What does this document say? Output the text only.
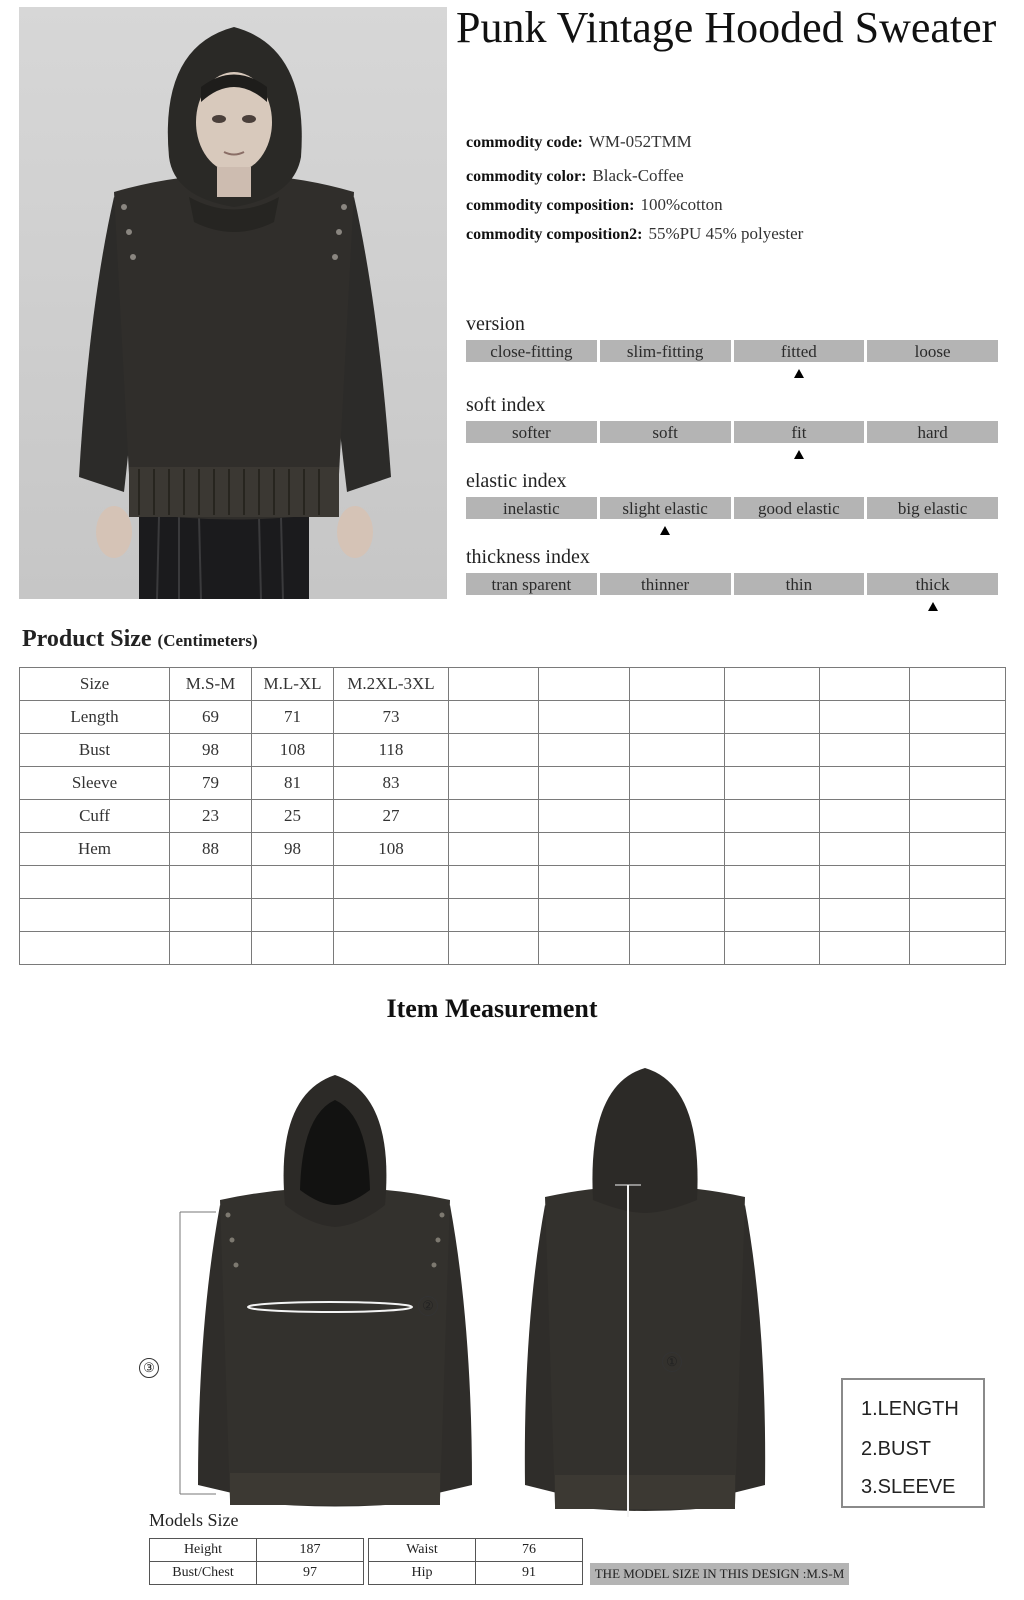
Punk Vintage Hooded Sweater
commodity code: WM-052TMM
commodity color: Black-Coffee
commodity composition: 100%cotton
commodity composition2: 55%PU 45% polyester
version
close-fitting	slim-fitting	fitted	loose
soft index
softer	soft	fit	hard
elastic index
inelastic	slight elastic	good elastic	big elastic
thickness index
tran sparent	thinner	thin	thick
Product Size (Centimeters)
Size	M.S-M	M.L-XL	M.2XL-3XL						
Length	69	71	73						
Bust	98	108	118						
Sleeve	79	81	83						
Cuff	23	25	27						
Hem	88	98	108						

Item Measurement
①
②
③
1.LENGTH
2.BUST
3.SLEEVE
Models Size
Height	187
Bust/Chest	97
Waist	76
Hip	91	THE MODEL SIZE IN THIS DESIGN :M.S-M
